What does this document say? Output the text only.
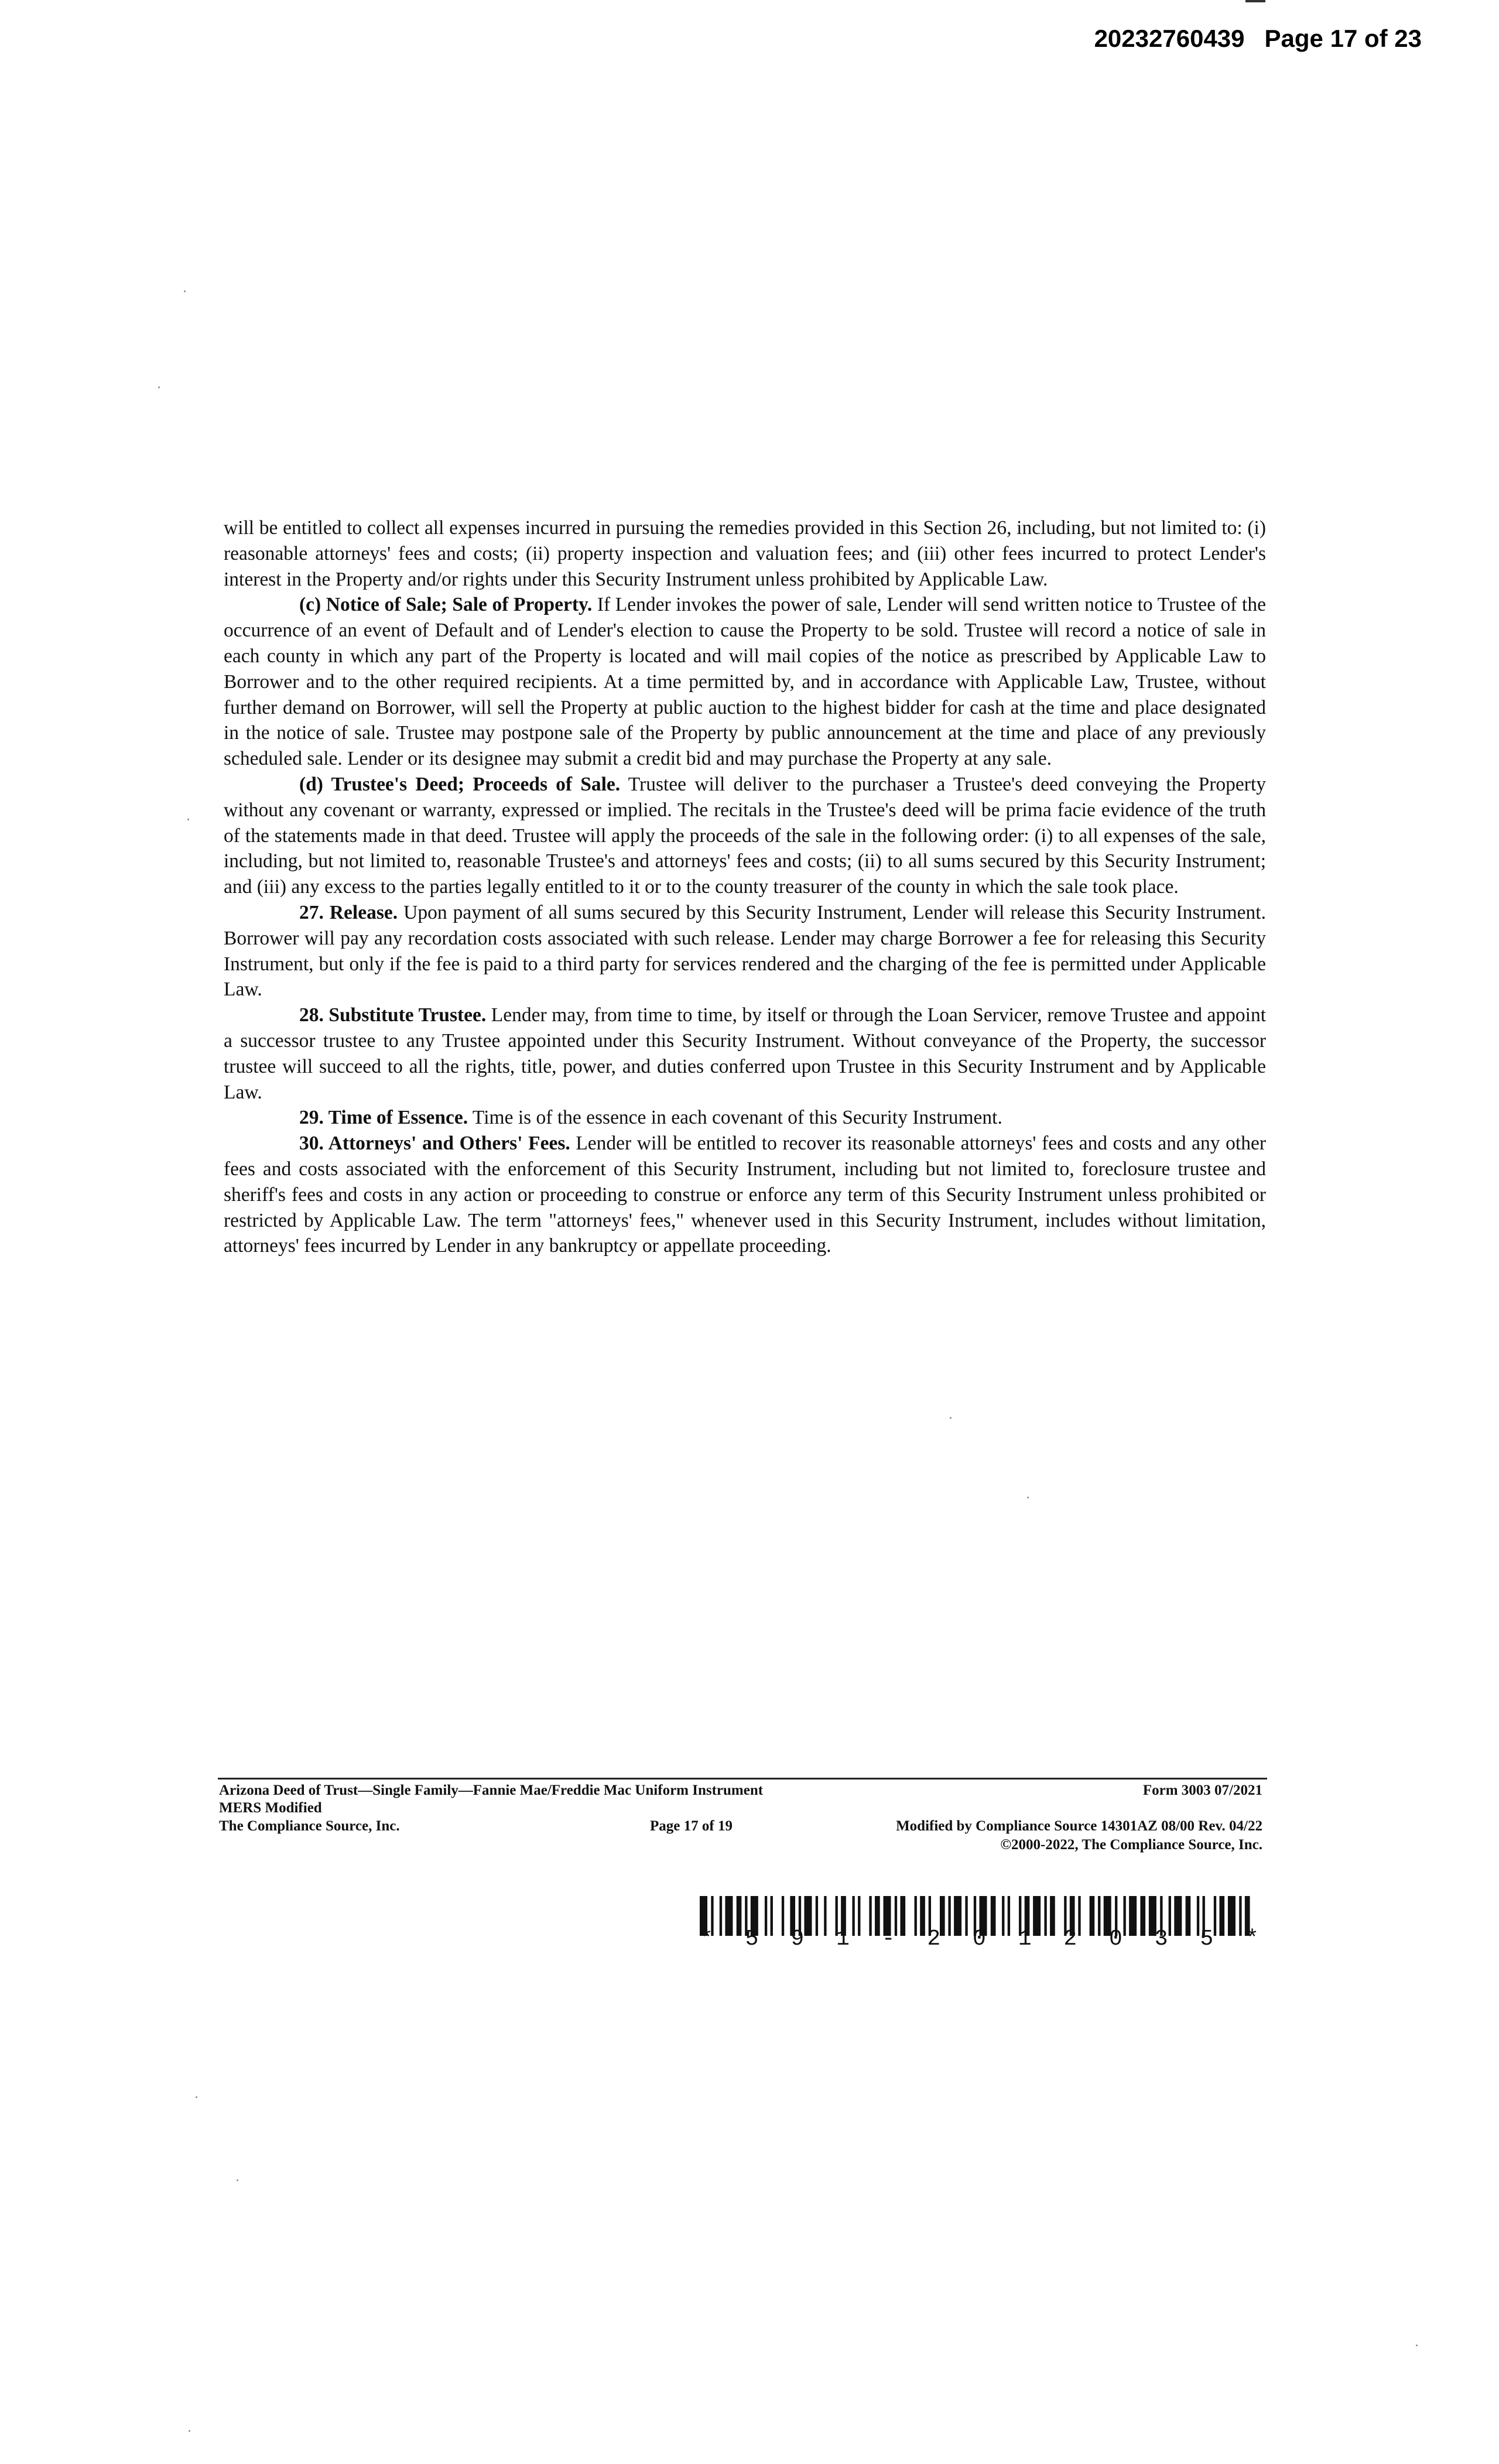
20232760439 Page 17 of 23

will be entitled to collect all expenses incurred in pursuing the remedies provided in this Section 26, including, but not limited to: (i) reasonable attorneys' fees and costs; (ii) property inspection and valuation fees; and (iii) other fees incurred to protect Lender's interest in the Property and/or rights under this Security Instrument unless prohibited by Applicable Law.

(c) Notice of Sale; Sale of Property. If Lender invokes the power of sale, Lender will send written notice to Trustee of the occurrence of an event of Default and of Lender's election to cause the Property to be sold. Trustee will record a notice of sale in each county in which any part of the Property is located and will mail copies of the notice as prescribed by Applicable Law to Borrower and to the other required recipients. At a time permitted by, and in accordance with Applicable Law, Trustee, without further demand on Borrower, will sell the Property at public auction to the highest bidder for cash at the time and place designated in the notice of sale. Trustee may postpone sale of the Property by public announcement at the time and place of any previously scheduled sale. Lender or its designee may submit a credit bid and may purchase the Property at any sale.

(d) Trustee's Deed; Proceeds of Sale. Trustee will deliver to the purchaser a Trustee's deed conveying the Property without any covenant or warranty, expressed or implied. The recitals in the Trustee's deed will be prima facie evidence of the truth of the statements made in that deed. Trustee will apply the proceeds of the sale in the following order: (i) to all expenses of the sale, including, but not limited to, reasonable Trustee's and attorneys' fees and costs; (ii) to all sums secured by this Security Instrument; and (iii) any excess to the parties legally entitled to it or to the county treasurer of the county in which the sale took place.

27. Release. Upon payment of all sums secured by this Security Instrument, Lender will release this Security Instrument. Borrower will pay any recordation costs associated with such release. Lender may charge Borrower a fee for releasing this Security Instrument, but only if the fee is paid to a third party for services rendered and the charging of the fee is permitted under Applicable Law.

28. Substitute Trustee. Lender may, from time to time, by itself or through the Loan Servicer, remove Trustee and appoint a successor trustee to any Trustee appointed under this Security Instrument. Without conveyance of the Property, the successor trustee will succeed to all the rights, title, power, and duties conferred upon Trustee in this Security Instrument and by Applicable Law.

29. Time of Essence. Time is of the essence in each covenant of this Security Instrument.

30. Attorneys' and Others' Fees. Lender will be entitled to recover its reasonable attorneys' fees and costs and any other fees and costs associated with the enforcement of this Security Instrument, including but not limited to, foreclosure trustee and sheriff's fees and costs in any action or proceeding to construe or enforce any term of this Security Instrument unless prohibited or restricted by Applicable Law. The term "attorneys' fees," whenever used in this Security Instrument, includes without limitation, attorneys' fees incurred by Lender in any bankruptcy or appellate proceeding.

Arizona Deed of Trust—Single Family—Fannie Mae/Freddie Mac Uniform Instrument
MERS Modified
The Compliance Source, Inc.
Form 3003 07/2021
Page 17 of 19	Modified by Compliance Source 14301AZ 08/00 Rev. 04/22
©2000-2022, The Compliance Source, Inc.
* 5 9 1 - 2 0 1 2 0 3 5 *
